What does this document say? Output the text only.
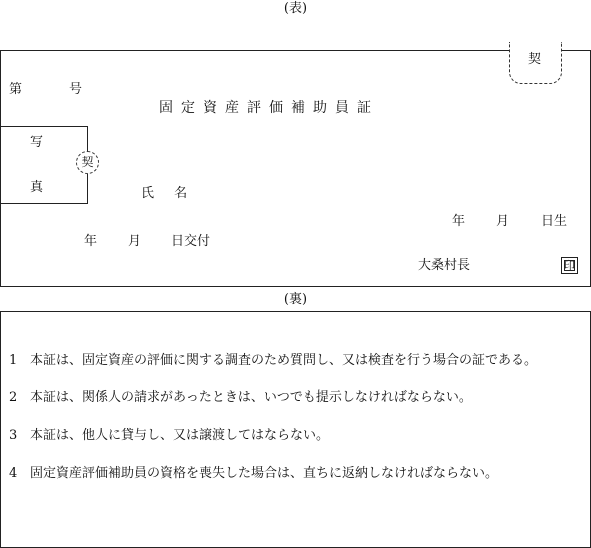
(表)
契
第	号
固定資産評価補助員証
写
真
契
氏 名
年 月 日生
年 月 日交付
大桑村長	印
(裏)
1 本証は、固定資産の評価に関する調査のため質問し、又は検査を行う場合の証である。
2 本証は、関係人の請求があったときは、いつでも提示しなければならない。
3 本証は、他人に貸与し、又は譲渡してはならない。
4 固定資産評価補助員の資格を喪失した場合は、直ちに返納しなければならない。
